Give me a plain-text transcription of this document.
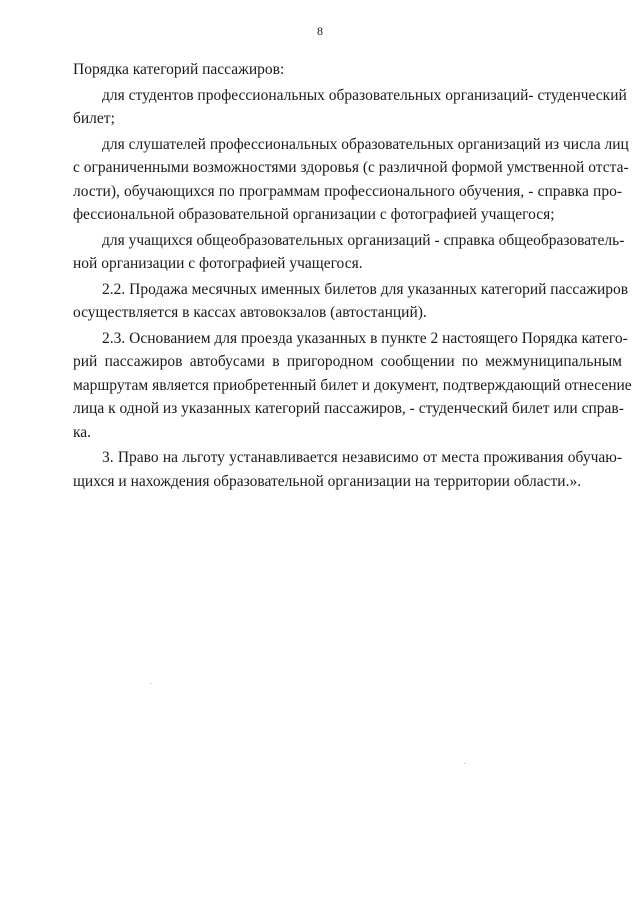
8

Порядка категорий пассажиров:

для студентов профессиональных образовательных организаций- студенческий
билет;

для слушателей профессиональных образовательных организаций из числа лиц
с ограниченными возможностями здоровья (с различной формой умственной отста-
лости), обучающихся по программам профессионального обучения, - справка про-
фессиональной образовательной организации с фотографией учащегося;

для учащихся общеобразовательных организаций - справка общеобразователь-
ной организации с фотографией учащегося.

2.2. Продажа месячных именных билетов для указанных категорий пассажиров
осуществляется в кассах автовокзалов (автостанций).

2.3. Основанием для проезда указанных в пункте 2 настоящего Порядка катего-
рий пассажиров автобусами в пригородном сообщении по межмуниципальным
маршрутам является приобретенный билет и документ, подтверждающий отнесение
лица к одной из указанных категорий пассажиров, - студенческий билет или справ-
ка.

3. Право на льготу устанавливается независимо от места проживания обучаю-
щихся и нахождения образовательной организации на территории области.».
